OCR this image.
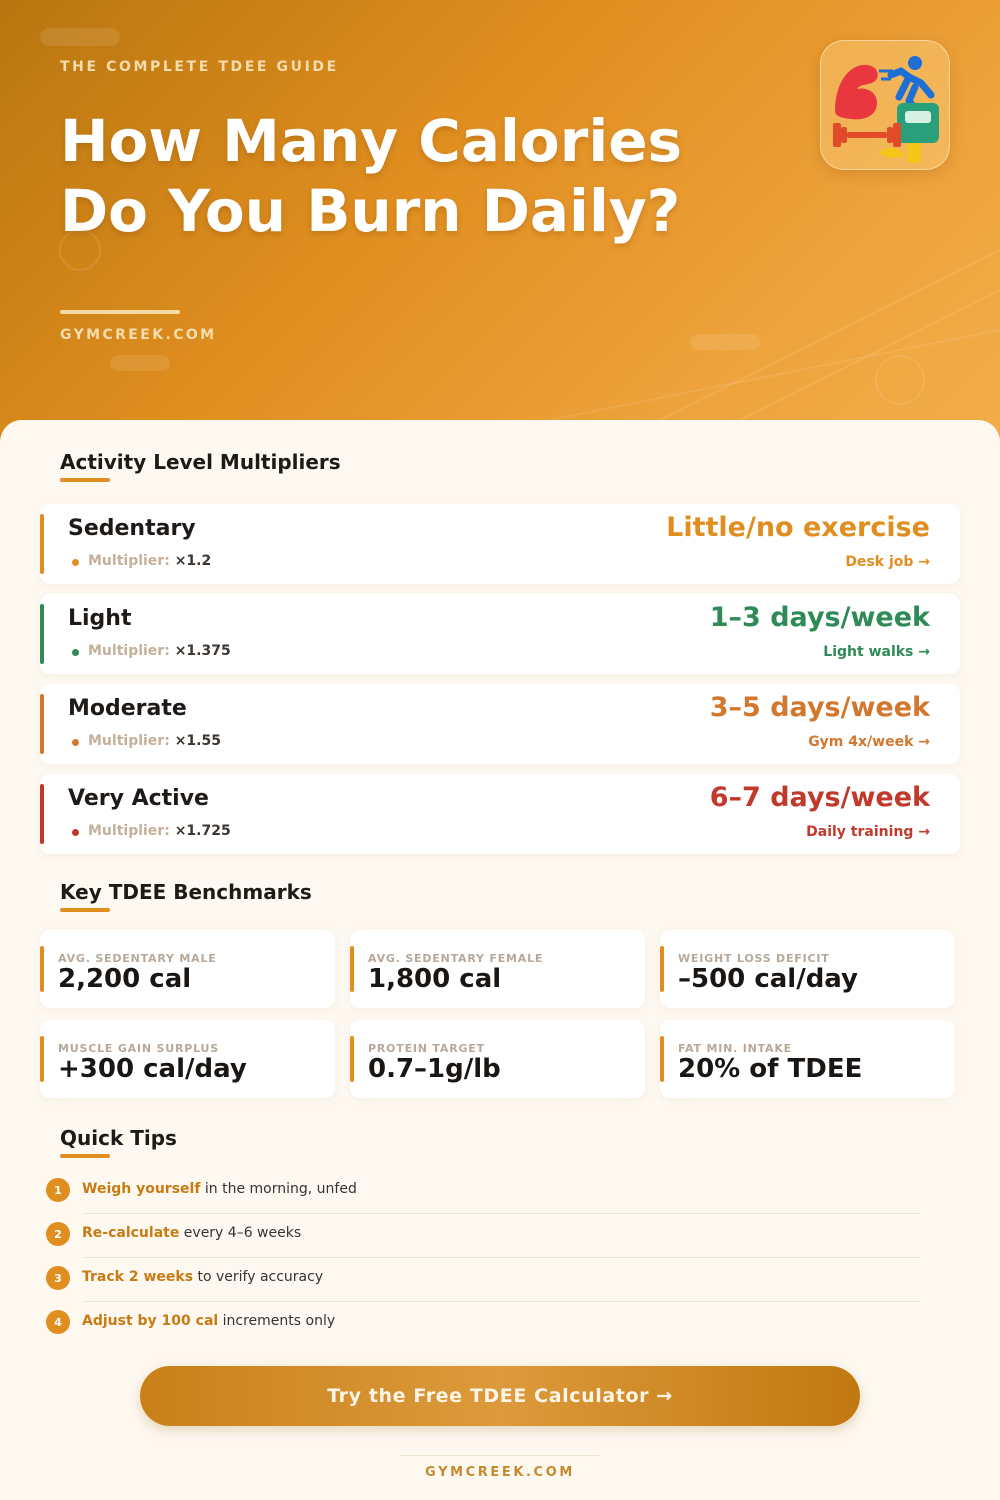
THE COMPLETE TDEE GUIDE
How Many Calories
Do You Burn Daily?
GYMCREEK.COM
Activity Level Multipliers
Sedentary
Multiplier: ×1.2
Little/no exercise
Desk job →
Light
Multiplier: ×1.375
1–3 days/week
Light walks →
Moderate
Multiplier: ×1.55
3–5 days/week
Gym 4x/week →
Very Active
Multiplier: ×1.725
6–7 days/week
Daily training →
Key TDEE Benchmarks
AVG. SEDENTARY MALE
2,200 cal
AVG. SEDENTARY FEMALE
1,800 cal
WEIGHT LOSS DEFICIT
–500 cal/day
MUSCLE GAIN SURPLUS
+300 cal/day
PROTEIN TARGET
0.7–1g/lb
FAT MIN. INTAKE
20% of TDEE
Quick Tips
1	Weigh yourself in the morning, unfed
2	Re-calculate every 4–6 weeks
3	Track 2 weeks to verify accuracy
4	Adjust by 100 cal increments only
Try the Free TDEE Calculator →
GYMCREEK.COM
